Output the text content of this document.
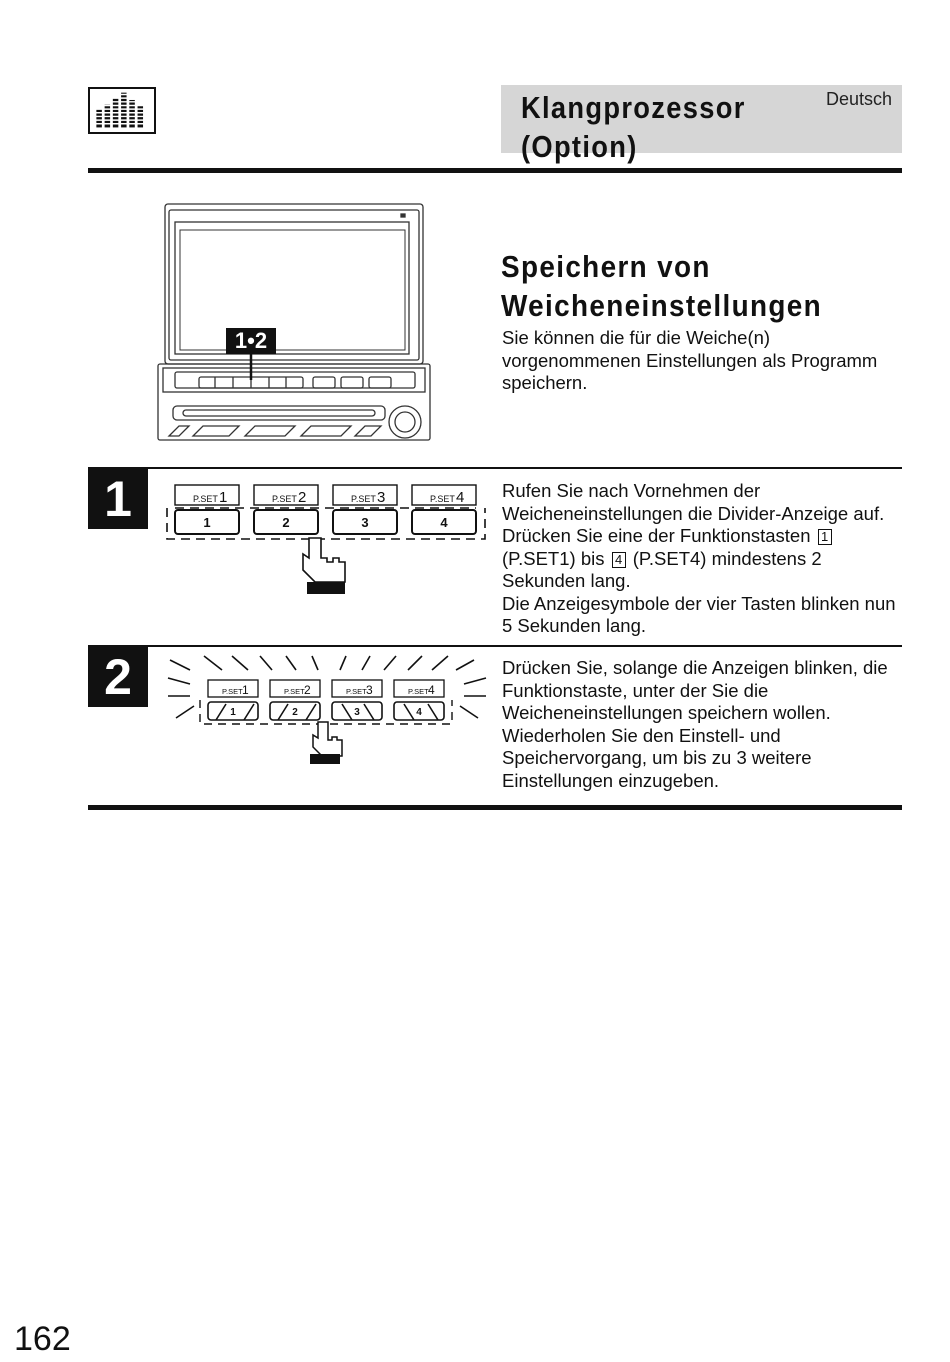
Klangprozessor
(Option)
Deutsch
1•2
Speichern von
Weicheneinstellungen
Sie können die für die Weiche(n) vorgenommenen Einstellungen als Programm speichern.
1	P.SET	P.SET	P.SET	P.SET
1	2	3	4
1	2	3	4

Rufen Sie nach Vornehmen der Weicheneinstellungen die Divider-Anzeige auf. Drücken Sie eine der Funktionstasten 1 (P.SET1) bis 4 (P.SET4) mindestens 2 Sekunden lang.

Die Anzeigesymbole der vier Tasten blinken nun 5 Sekunden lang.

2	P.SET	P.SET	P.SET	P.SET
1	2	3	4
1	2	3	4
Drücken Sie, solange die Anzeigen blinken, die Funktionstaste, unter der Sie die Weicheneinstellungen speichern wollen. Wiederholen Sie den Einstell- und Speichervorgang, um bis zu 3 weitere Einstellungen einzugeben.
162
